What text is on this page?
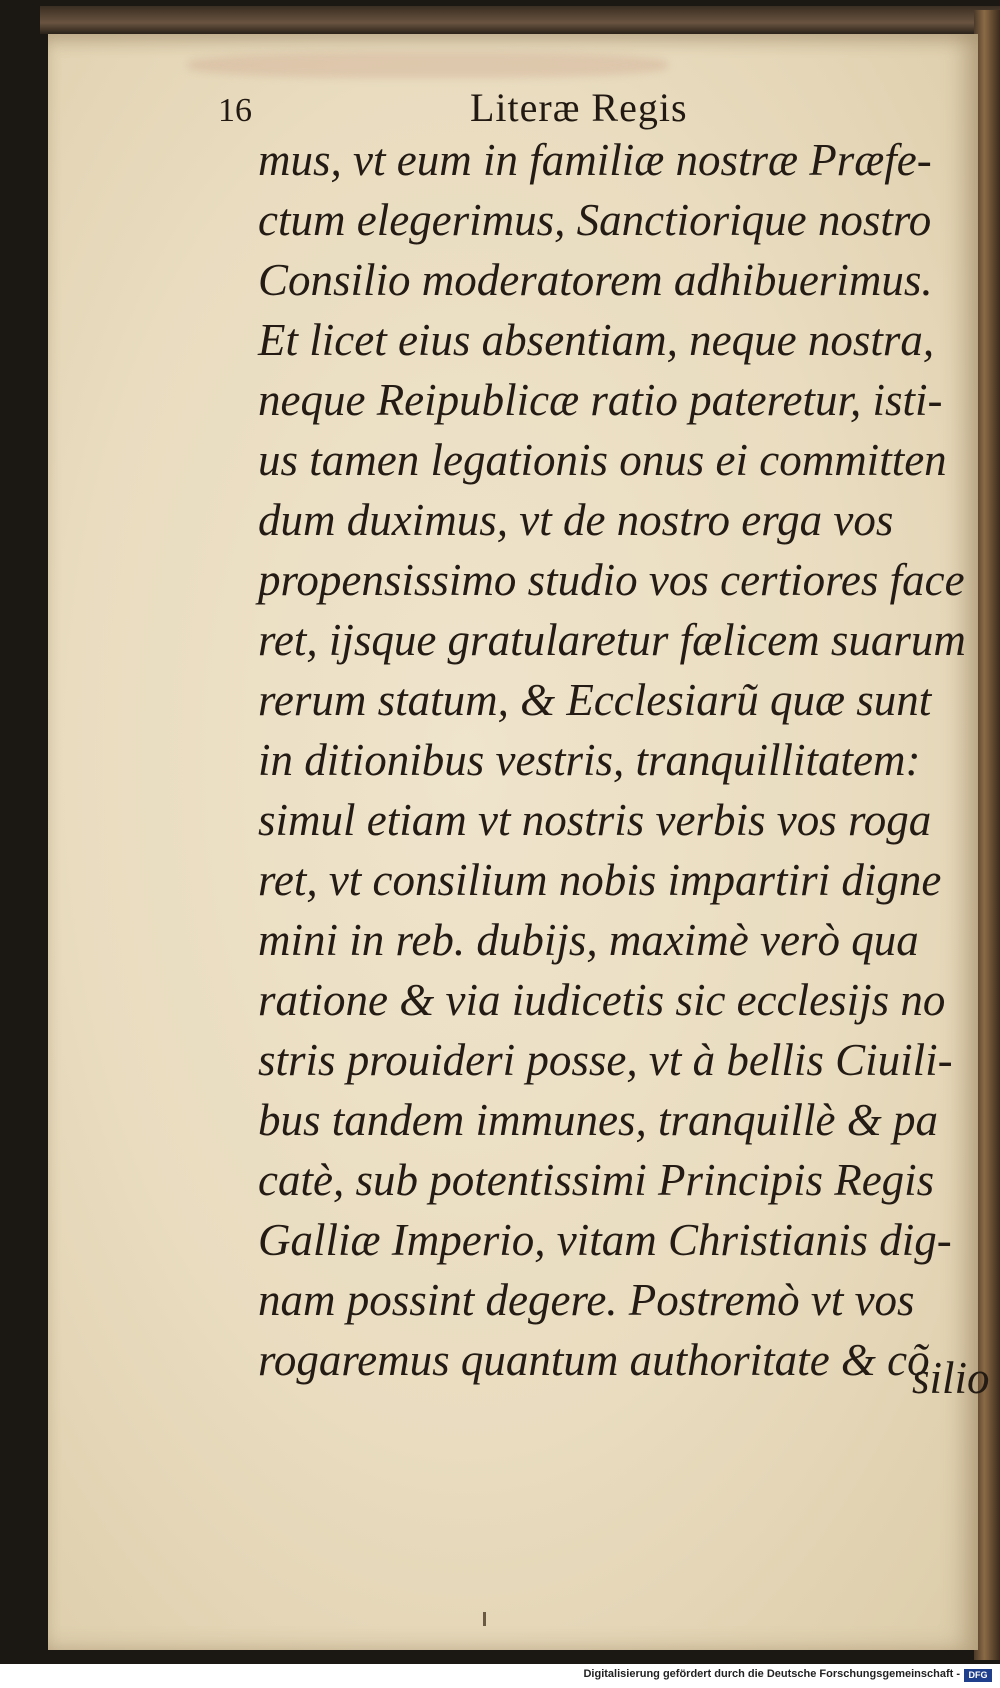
16	Literæ Regis
mus, vt eum in familiæ nostræ Præfe-
ctum elegerimus, Sanctiorique nostro
Consilio moderatorem adhibuerimus.
Et licet eius absentiam, neque nostra,
neque Reipublicæ ratio pateretur, isti-
us tamen legationis onus ei committen
dum duximus, vt de nostro erga vos
propensissimo studio vos certiores face
ret, ijsque gratularetur fælicem suarum
rerum statum, & Ecclesiarũ quæ sunt
in ditionibus vestris, tranquillitatem:
simul etiam vt nostris verbis vos roga
ret, vt consilium nobis impartiri digne
mini in reb. dubijs, maximè verò qua
ratione & via iudicetis sic ecclesijs no
stris prouideri posse, vt à bellis Ciuili-
bus tandem immunes, tranquillè & pa
catè, sub potentissimi Principis Regis
Galliæ Imperio, vitam Christianis dig-
nam possint degere. Postremò vt vos
rogaremus quantum authoritate & cõ
silio
Digitalisierung gefördert durch die Deutsche Forschungsgemeinschaft - DFG
